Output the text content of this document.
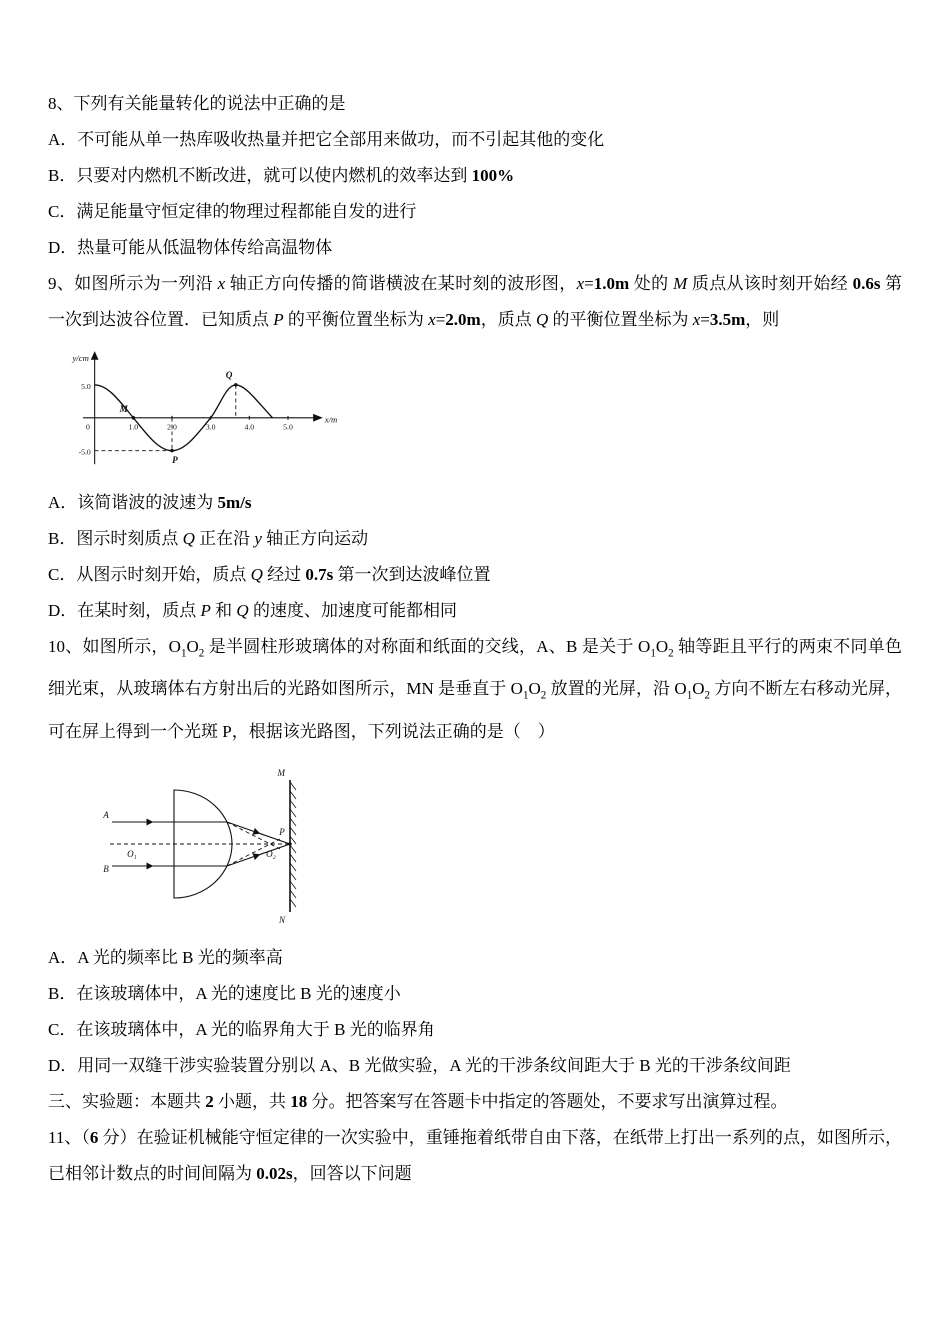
8、下列有关能量转化的说法中正确的是

A．不可能从单一热库吸收热量并把它全部用来做功，而不引起其他的变化

B．只要对内燃机不断改进，就可以使内燃机的效率达到 100%

C．满足能量守恒定律的物理过程都能自发的进行

D．热量可能从低温物体传给高温物体

9、如图所示为一列沿 x 轴正方向传播的简谐横波在某时刻的波形图，x=1.0m 处的 M 质点从该时刻开始经 0.6s 第一次到达波谷位置．已知质点 P 的平衡位置坐标为 x=2.0m，质点 Q 的平衡位置坐标为 x=3.5m，则

y/cm
x/m
5.0
-5.0
0	1.0	2.0	3.0	4.0	5.0
M
P
Q

A．该简谐波的波速为 5m/s

B．图示时刻质点 Q 正在沿 y 轴正方向运动

C．从图示时刻开始，质点 Q 经过 0.7s 第一次到达波峰位置

D．在某时刻，质点 P 和 Q 的速度、加速度可能都相同

10、如图所示，$O_1O_2$ 是半圆柱形玻璃体的对称面和纸面的交线，A、B 是关于 $O_1O_2$ 轴等距且平行的两束不同单色细光束，从玻璃体右方射出后的光路如图所示，MN 是垂直于 $O_1O_2$ 放置的光屏，沿 $O_1O_2$ 方向不断左右移动光屏，可在屏上得到一个光斑 P，根据该光路图，下列说法正确的是（　）

O₁	O₂
A
B
P
M
N

A．A 光的频率比 B 光的频率高

B．在该玻璃体中，A 光的速度比 B 光的速度小

C．在该玻璃体中，A 光的临界角大于 B 光的临界角

D．用同一双缝干涉实验装置分别以 A、B 光做实验，A 光的干涉条纹间距大于 B 光的干涉条纹间距

三、实验题：本题共 2 小题，共 18 分。把答案写在答题卡中指定的答题处，不要求写出演算过程。

11、（6 分）在验证机械能守恒定律的一次实验中，重锤拖着纸带自由下落，在纸带上打出一系列的点，如图所示，已相邻计数点的时间间隔为 0.02s，回答以下问题
